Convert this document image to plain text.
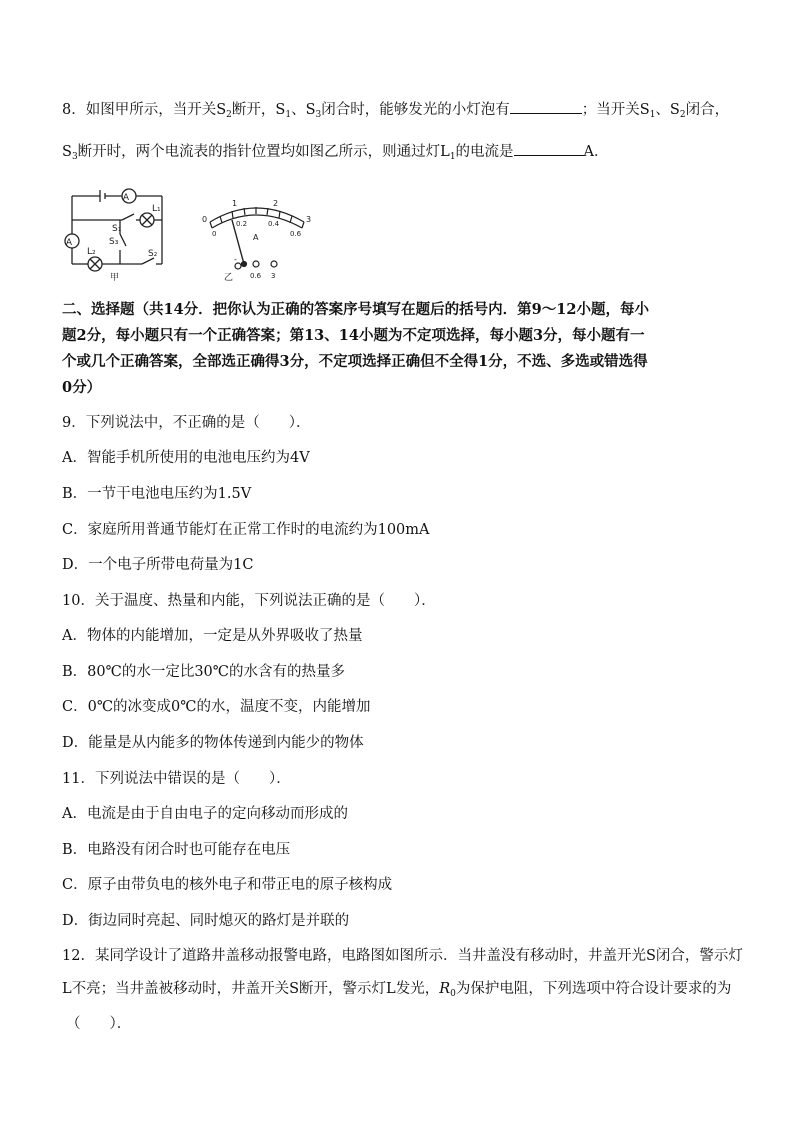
8．如图甲所示，当开关$S_2$断开，$S_1$、$S_3$闭合时，能够发光的小灯泡有	；当开关$S_1$、$S_2$闭合，
$S_3$断开时，两个电流表的指针位置均如图乙所示，则通过灯$L_1$的电流是	A．
A
A
L₁
S₁
S₃
L₂	S₂
甲
0
1	2
3
0
0.2	0.4
0.6
A
-
0.6 3
乙
二、选择题（共14分．把你认为正确的答案序号填写在题后的括号内．第9～12小题，每小
题2分，每小题只有一个正确答案；第13、14小题为不定项选择，每小题3分，每小题有一
个或几个正确答案，全部选正确得3分，不定项选择正确但不全得1分，不选、多选或错选得
0分）
9．下列说法中，不正确的是（　　）．
A．智能手机所使用的电池电压约为4V
B．一节干电池电压约为1.5V
C．家庭所用普通节能灯在正常工作时的电流约为100mA
D．一个电子所带电荷量为1C
10．关于温度、热量和内能，下列说法正确的是（　　）．
A．物体的内能增加，一定是从外界吸收了热量
B．80℃的水一定比30℃的水含有的热量多
C．0℃的冰变成0℃的水，温度不变，内能增加
D．能量是从内能多的物体传递到内能少的物体
11．下列说法中错误的是（　　）．
A．电流是由于自由电子的定向移动而形成的
B．电路没有闭合时也可能存在电压
C．原子由带负电的核外电子和带正电的原子核构成
D．街边同时亮起、同时熄灭的路灯是并联的
12．某同学设计了道路井盖移动报警电路，电路图如图所示．当井盖没有移动时，井盖开光S闭合，警示灯
L不亮；当井盖被移动时，井盖开关S断开，警示灯L发光，$R_0$为保护电阻，下列选项中符合设计要求的为
（　　）．
